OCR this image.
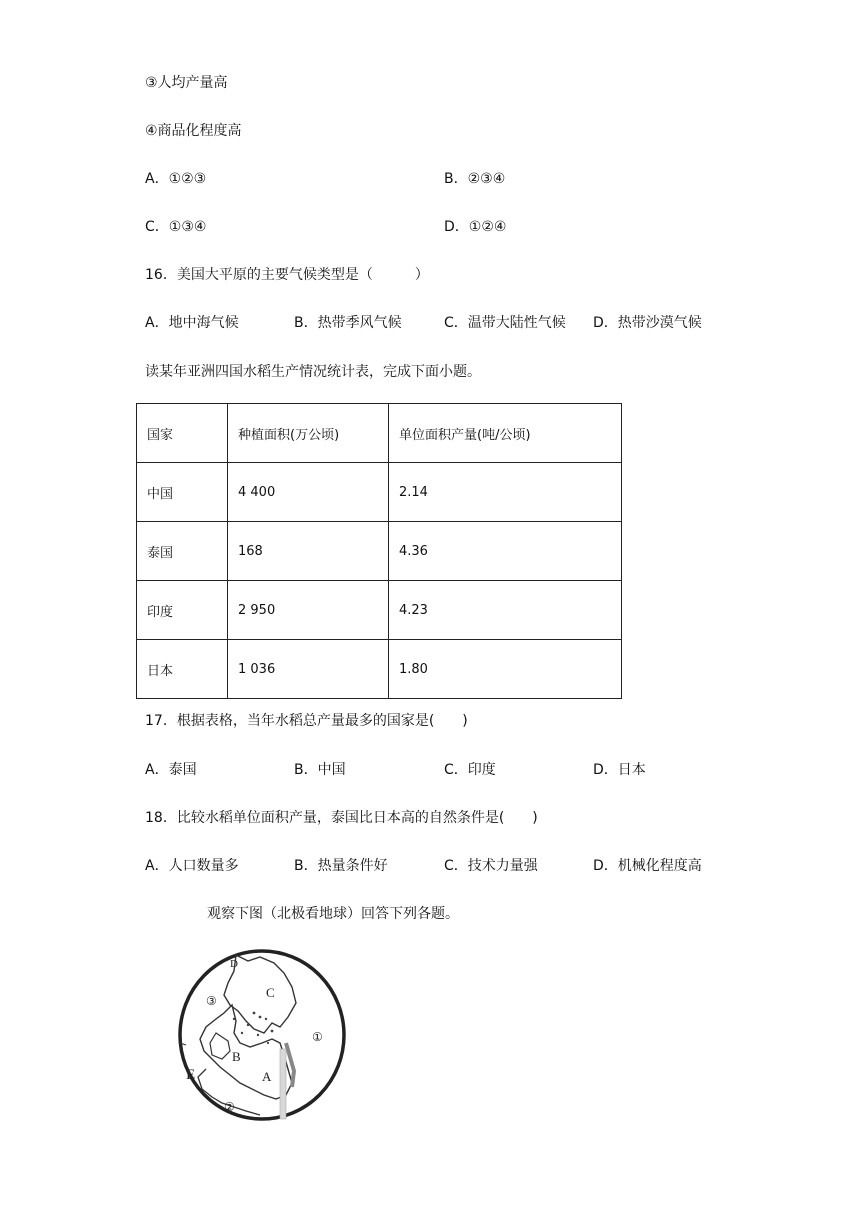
③人均产量高
④商品化程度高
A．①②③	B．②③④
C．①③④	D．①②④
16．美国大平原的主要气候类型是（　　　）
A．地中海气候	B．热带季风气候	C．温带大陆性气候 D．热带沙漠气候
读某年亚洲四国水稻生产情况统计表，完成下面小题。
国家	种植面积(万公顷)	单位面积产量(吨/公顷)
中国	4 400	2.14
泰国	168	4.36
印度	2 950	4.23
日本	1 036	1.80
17．根据表格，当年水稻总产量最多的国家是(　　)
A．泰国	B．中国	C．印度	D．日本
18．比较水稻单位面积产量，泰国比日本高的自然条件是(　　)
A．人口数量多	B．热量条件好	C．技术力量强	D．机械化程度高
观察下图（北极看地球）回答下列各题。
D
C
B
A
E
①
②
③
